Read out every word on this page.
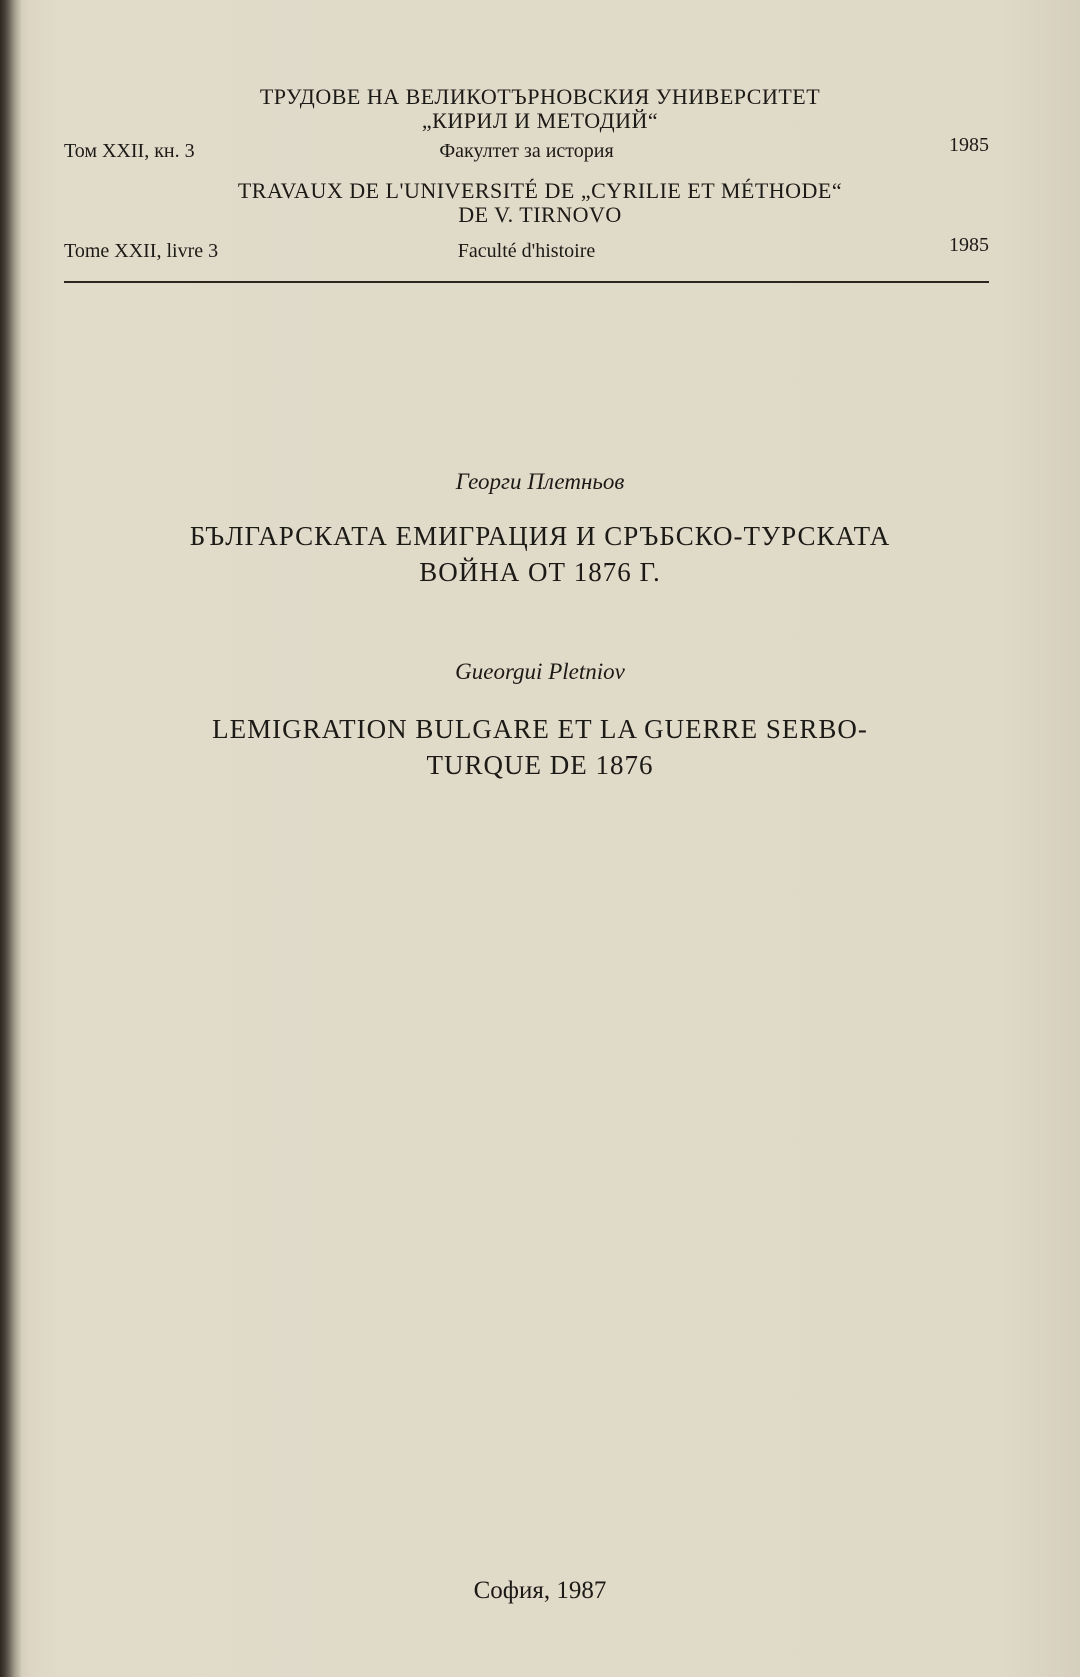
ТРУДОВЕ НА ВЕЛИКОТЪРНОВСКИЯ УНИВЕРСИТЕТ
„КИРИЛ И МЕТОДИЙ“
Том XXII, кн. 3	Факултет за история	1985
TRAVAUX DE L'UNIVERSITÉ DE „CYRILIE ET MÉTHODE“
DE V. TIRNOVO
Tome XXII, livre 3	Faculté d'histoire	1985
Георги Плетньов
БЪЛГАРСКАТА ЕМИГРАЦИЯ И СРЪБСКО-ТУРСКАТА
ВОЙНА ОТ 1876 Г.
Gueorgui Pletniov
LEMIGRATION BULGARE ET LA GUERRE SERBO-
TURQUE DE 1876
София, 1987
